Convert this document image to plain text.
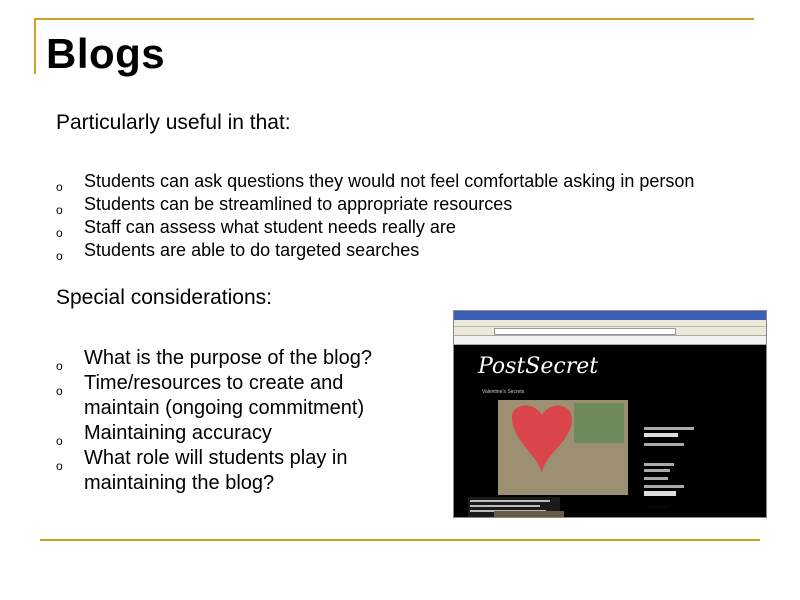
Blogs
Particularly useful in that:
o Students can ask questions they would not feel comfortable asking in person
o Students can be streamlined to appropriate resources
o Staff can assess what student needs really are
o Students are able to do targeted searches
Special considerations:
o What is the purpose of the blog?
o Time/resources to create and
maintain (ongoing commitment)
o Maintaining accuracy
o What role will students play in
maintaining the blog?
PostSecret
Valentine's Secrets
Enter Email
